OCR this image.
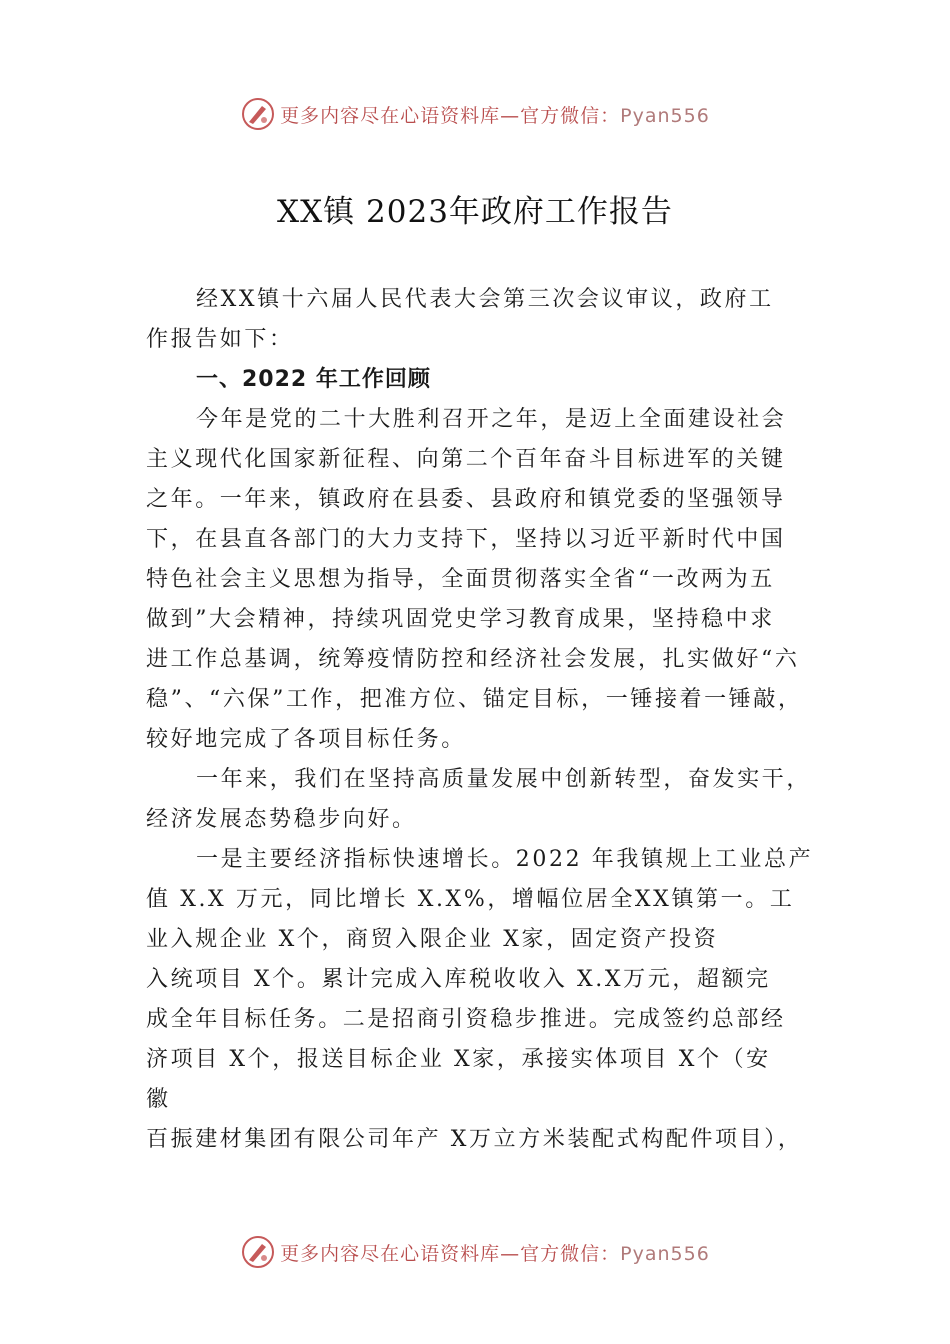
更多内容尽在心语资料库—官方微信：Pyan556
XX镇 2023年政府工作报告
经XX镇十六届人民代表大会第三次会议审议，政府工
作报告如下：
一、2022 年工作回顾
今年是党的二十大胜利召开之年，是迈上全面建设社会
主义现代化国家新征程、向第二个百年奋斗目标进军的关键
之年。一年来，镇政府在县委、县政府和镇党委的坚强领导
下，在县直各部门的大力支持下，坚持以习近平新时代中国
特色社会主义思想为指导，全面贯彻落实全省“一改两为五
做到”大会精神，持续巩固党史学习教育成果，坚持稳中求
进工作总基调，统筹疫情防控和经济社会发展，扎实做好“六
稳”、“六保”工作，把准方位、锚定目标，一锤接着一锤敲，
较好地完成了各项目标任务。
一年来，我们在坚持高质量发展中创新转型，奋发实干，
经济发展态势稳步向好。
一是主要经济指标快速增长。2022 年我镇规上工业总产
值 X.X 万元，同比增长 X.X%，增幅位居全XX镇第一。工
业入规企业 X个，商贸入限企业 X家，固定资产投资
入统项目 X个。累计完成入库税收收入 X.X万元，超额完
成全年目标任务。二是招商引资稳步推进。完成签约总部经
济项目 X个，报送目标企业 X家，承接实体项目 X个（安
徽
百振建材集团有限公司年产 X万立方米装配式构配件项目），
更多内容尽在心语资料库—官方微信：Pyan556
